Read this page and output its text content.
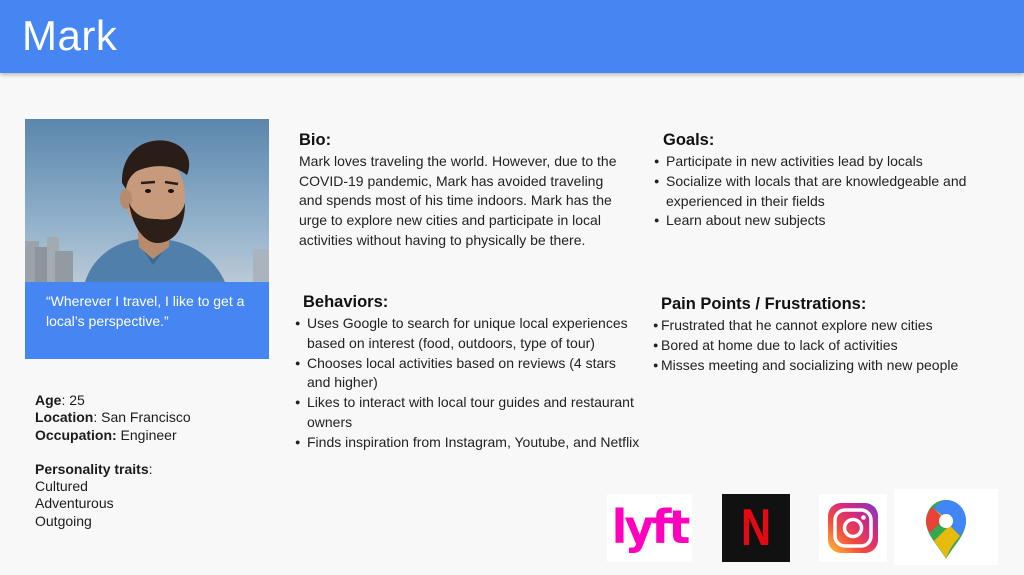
Mark
“Wherever I travel, I like to get a local’s perspective.”
Age: 25
Location: San Francisco
Occupation: Engineer
Personality traits:
Cultured
Adventurous
Outgoing
Bio:
Mark loves traveling the world. However, due to the COVID-19 pandemic, Mark has avoided traveling and spends most of his time indoors. Mark has the urge to explore new cities and participate in local activities without having to physically be there.
Goals:
● Participate in new activities lead by locals
● Socialize with locals that are knowledgeable and experienced in their fields
● Learn about new subjects
Behaviors:
● Uses Google to search for unique local experiences based on interest (food, outdoors, type of tour)
● Chooses local activities based on reviews (4 stars and higher)
● Likes to interact with local tour guides and restaurant owners
● Finds inspiration from Instagram, Youtube, and Netflix
Pain Points / Frustrations:
● Frustrated that he cannot explore new cities
● Bored at home due to lack of activities
● Misses meeting and socializing with new people
lyft N
